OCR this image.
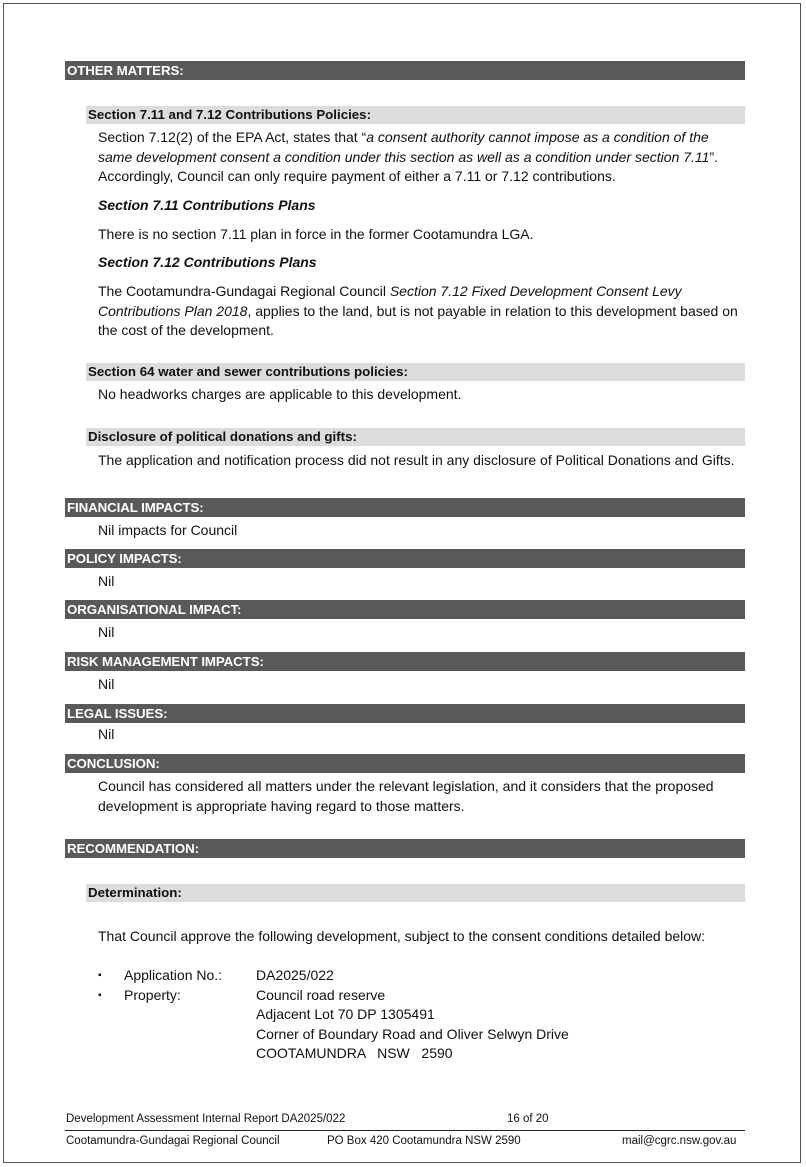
OTHER MATTERS:
Section 7.11 and 7.12 Contributions Policies:

Section 7.12(2) of the EPA Act, states that “a consent authority cannot impose as a condition of the same development consent a condition under this section as well as a condition under section 7.11”. Accordingly, Council can only require payment of either a 7.11 or 7.12 contributions.

Section 7.11 Contributions Plans

There is no section 7.11 plan in force in the former Cootamundra LGA.

Section 7.12 Contributions Plans

The Cootamundra-Gundagai Regional Council Section 7.12 Fixed Development Consent Levy Contributions Plan 2018, applies to the land, but is not payable in relation to this development based on the cost of the development.

Section 64 water and sewer contributions policies:

No headworks charges are applicable to this development.

Disclosure of political donations and gifts:

The application and notification process did not result in any disclosure of Political Donations and Gifts.

FINANCIAL IMPACTS:

Nil impacts for Council

POLICY IMPACTS:

Nil

ORGANISATIONAL IMPACT:

Nil

RISK MANAGEMENT IMPACTS:

Nil

LEGAL ISSUES:

Nil

CONCLUSION:

Council has considered all matters under the relevant legislation, and it considers that the proposed development is appropriate having regard to those matters.

RECOMMENDATION:
Determination:

That Council approve the following development, subject to the consent conditions detailed below:

▪ Application No.: DA2025/022
▪ Property:	Council road reserve
Adjacent Lot 70 DP 1305491
Corner of Boundary Road and Oliver Selwyn Drive
COOTAMUNDRA   NSW   2590
Development Assessment Internal Report DA2025/022	16 of 20
Cootamundra-Gundagai Regional Council	PO Box 420 Cootamundra NSW 2590	mail@cgrc.nsw.gov.au
